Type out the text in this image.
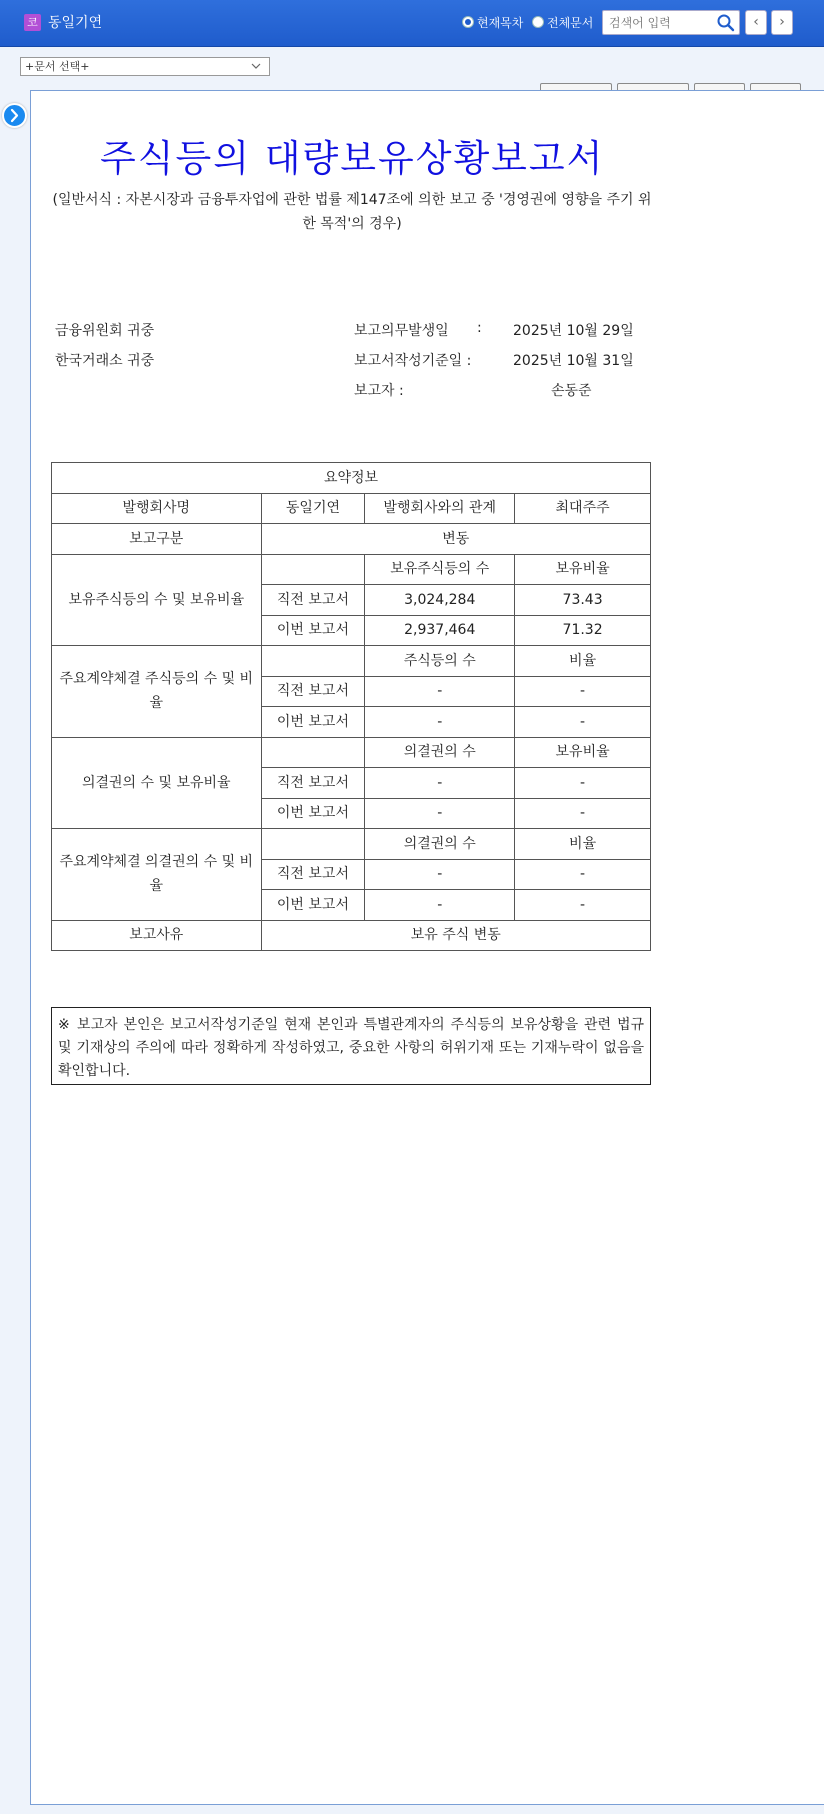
코 동일기연	현재목차 전체문서
검색어 입력	‹	›
+문서 선택+
주식등의 대량보유상황보고서
(일반서식 : 자본시장과 금융투자업에 관한 법률 제147조에 의한 보고 중 '경영권에 영향을 주기 위한 목적'의 경우)
금융위원회 귀중
한국거래소 귀중
보고의무발생일 : 2025년 10월 29일
보고서작성기준일 :	2025년 10월 31일
보고자 :	손동준
요약정보			
발행회사명	동일기연	발행회사와의 관계	최대주주
보고구분	변동		
보유주식등의 수 및 보유비율		보유주식등의 수	보유비율
	직전 보고서	3,024,284	73.43
	이번 보고서	2,937,464	71.32
주요계약체결 주식등의 수 및 비율		주식등의 수	비율
	직전 보고서	-	-
	이번 보고서	-	-
의결권의 수 및 보유비율		의결권의 수	보유비율
	직전 보고서	-	-
	이번 보고서	-	-
주요계약체결 의결권의 수 및 비율		의결권의 수	비율
	직전 보고서	-	-
	이번 보고서	-	-
보고사유	보유 주식 변동		
※ 보고자 본인은 보고서작성기준일 현재 본인과 특별관계자의 주식등의 보유상황을 관련 법규 및 기재상의 주의에 따라 정확하게 작성하였고, 중요한 사항의 허위기재 또는 기재누락이 없음을 확인합니다.
